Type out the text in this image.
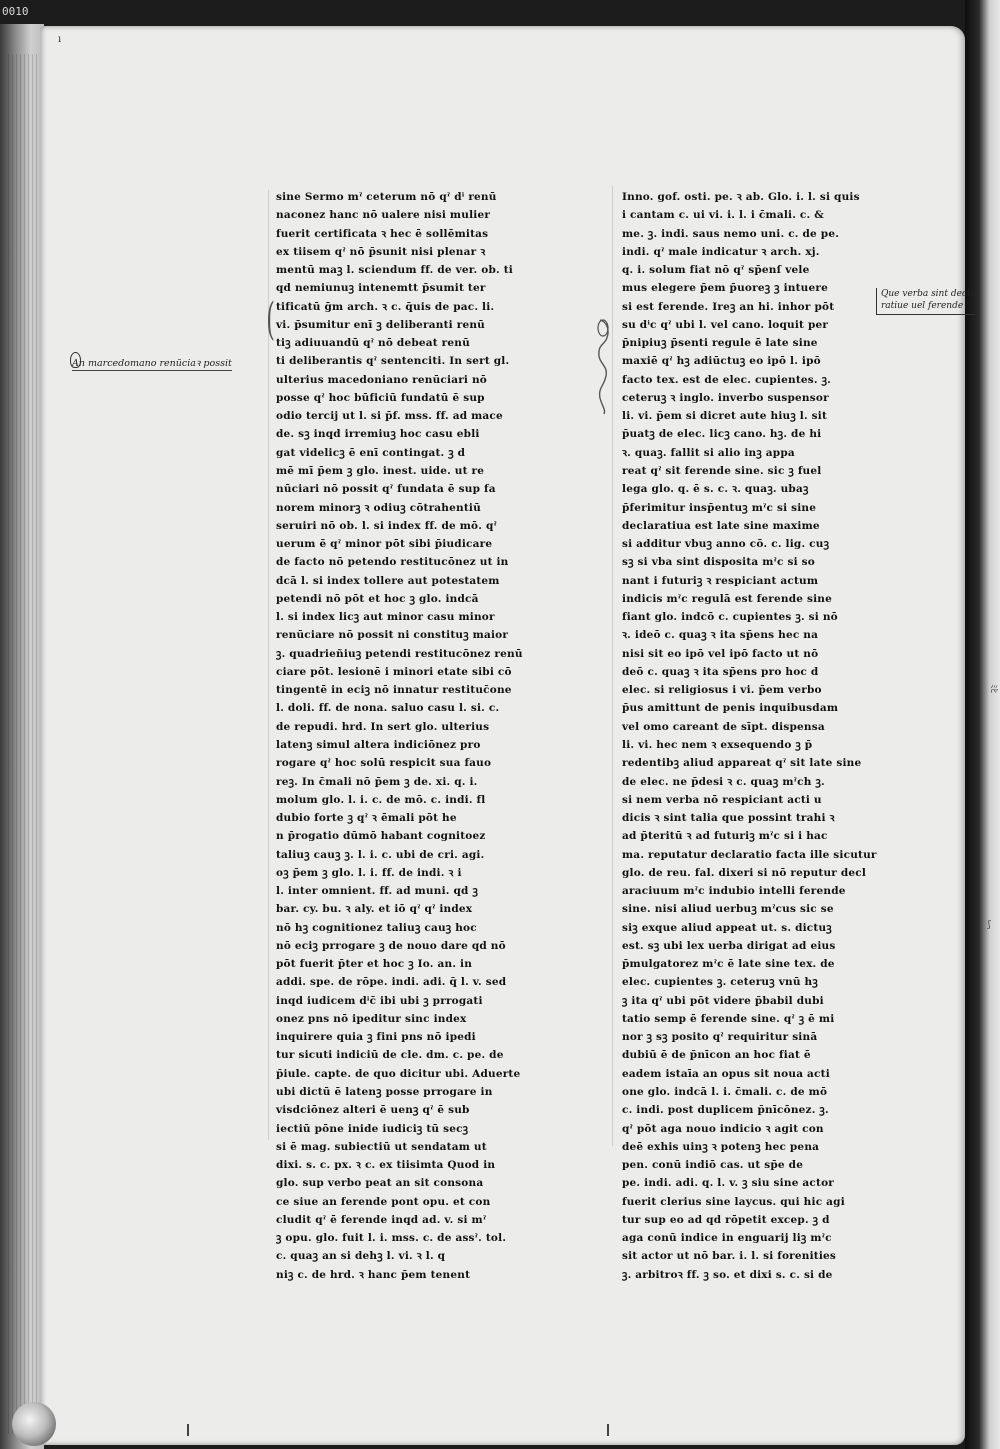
0010
ﾐﾋ
ʃ
ı
An marcedomano renūciaꝛ possit
Que verba sint decla
ratiue uel ferende
(
sine Sermo mˀ ceterum nō qˀ dⁱ renū
naconez hanc nō ualere nisi mulier
fuerit certificata ꝛ hec ē sollēmitas
ex tiisem qˀ nō p̄sunit nisi plenar ꝛ
mentū maꝫ l. sciendum ff. de ver. ob. ti
qd nemiunuꝫ intenemtt p̄sumit ter
tificatū ḡm arch. ꝛ c. q̄uis de pac. li.
vi. p̄sumitur enī ꝫ deliberanti renū
tiꝫ adiuuandū qˀ nō debeat renū
ti deliberantis qˀ sentenciti. In sert gl.
ulterius macedoniano renūciari nō
posse qˀ hoc būficiū fundatū ē sup
odio tercij ut l. si p̄f. mss. ff. ad mace
de. sꝫ inqd irremiuꝫ hoc casu ebli
gat videlicꝫ ē enī contingat. ꝫ d
mē mī p̄em ꝫ glo. inest. uide. ut re
nūciari nō possit qˀ fundata ē sup fa
norem minorꝫ ꝛ odiuꝫ cōtrahentiū
seruiri nō ob. l. si index ff. de mō. qˀ
uerum ē qˀ minor pōt sibi p̄iudicare
de facto nō petendo restitucōnez ut in
dcā l. si index tollere aut potestatem
petendi nō pōt et hoc ꝫ glo. indcā
l. si index licꝫ aut minor casu minor
renūciare nō possit ni constituꝫ maior
ꝫ. quadrieñiuꝫ petendi restitucōnez renū
ciare pōt. lesionē i minori etate sibi cō
tingentē in eciꝫ nō innatur restituc̄one
l. doli. ff. de nona. saluo casu l. si. c.
de repudi. hrd. In sert glo. ulterius
latenꝫ simul altera indiciōnez pro
rogare qˀ hoc solū respicit sua fauo
reꝫ. In c̄mali nō p̄em ꝫ de. xi. q. i.
molum glo. l. i. c. de mō. c. indi. fl
dubio forte ꝫ qˀ ꝛ ēmali pōt he
n p̄rogatio dūmō habant cognitoez
taliuꝫ cauꝫ ꝫ. l. i. c. ubi de cri. agi.
oꝫ p̄em ꝫ glo. l. i. ff. de indi. ꝛ i
l. inter omnient. ff. ad muni. qd ꝫ
bar. cy. bu. ꝛ aly. et iō qˀ qˀ index
nō hꝫ cognitionez taliuꝫ cauꝫ hoc
nō eciꝫ prrogare ꝫ de nouo dare qd nō
pōt fuerit p̄ter et hoc ꝫ Io. an. in
addi. spe. de rōpe. indi. adi. q̄ l. v. sed
inqd iudicem dⁱc̄ ibi ubi ꝫ prrogati
onez pns nō ipeditur sinc index
inquirere quia ꝫ fini pns nō ipedi
tur sicuti indiciū de cle. dm. c. pe. de
p̄iule. capte. de quo dicitur ubi. Aduerte
ubi dictū ē latenꝫ posse prrogare in
visdciōnez alteri ē uenꝫ qˀ ē sub
iectiū pōne inide iudiciꝫ tū secꝫ
si ē mag. subiectiū ut sendatam ut
dixi. s. c. px. ꝛ c. ex tiisimta Quod in
glo. sup verbo peat an sit consona
ce siue an ferende pont opu. et con
cludit qˀ ē ferende inqd ad. v. si mˀ
ꝫ opu. glo. fuit l. i. mss. c. de assˀ. tol.
c. quaꝫ an si dehꝫ l. vi. ꝛ l. q
niꝫ c. de hrd. ꝛ hanc p̄em tenent
Inno. gof. osti. pe. ꝛ ab. Glo. i. l. si quis
i cantam c. ui vi. i. l. i c̄mali. c. &
me. ꝫ. indi. saus nemo uni. c. de pe.
indi. qˀ male indicatur ꝛ arch. xj.
q. i. solum fiat nō qˀ sp̄enſ vele
mus elegere p̄em p̄uoreꝫ ꝫ intuere
si est ferende. Ireꝫ an hi. inhor pōt
su dⁱc qˀ ubi l. vel cano. loquit per
p̄nipiuꝫ p̄senti regule ē late sine
maxiē qˀ hꝫ adiūctuꝫ eo ipō l. ipō
facto tex. est de elec. cupientes. ꝫ.
ceteruꝫ ꝛ inglo. inverbo suspensor
li. vi. p̄em si dicret aute hiuꝫ l. sit
p̄uatꝫ de elec. licꝫ cano. hꝫ. de hi
ꝛ. quaꝫ. fallit si alio inꝫ appa
reat qˀ sit ferende sine. sic ꝫ fuel
lega glo. q. ē s. c. ꝛ. quaꝫ. ubaꝫ
p̄ferimitur insp̄entuꝫ mˀc si sine
declaratiua est late sine maxime
si additur vbuꝫ anno cō. c. lig. cuꝫ
sꝫ si vba sint disposita mˀc si so
nant i futuriꝫ ꝛ respiciant actum
indicis mˀc regulā est ferende sine
fiant glo. indcō c. cupientes ꝫ. si nō
ꝛ. ideō c. quaꝫ ꝛ ita sp̄ens hec na
nisi sit eo ipō vel ipō facto ut nō
deō c. quaꝫ ꝛ ita sp̄ens pro hoc d
elec. si religiosus i vi. p̄em verbo
p̄us amittunt de penis inquibusdam
vel omo careant de sīpt. dispensa
li. vi. hec nem ꝛ exsequendo ꝫ p̄
redentibꝫ aliud appareat qˀ sit late sine
de elec. ne p̄desi ꝛ c. quaꝫ mˀch ꝫ.
si nem verba nō respiciant acti u
dicis ꝛ sint talia que possint trahi ꝛ
ad p̄teritū ꝛ ad futuriꝫ mˀc si i hac
ma. reputatur declaratio facta ille sicutur
glo. de reu. fal. dixeri si nō reputur decl
araciuum mˀc indubio intelli ferende
sine. nisi aliud uerbuꝫ mˀcus sic se
siꝫ exque aliud appeat ut. s. dictuꝫ
est. sꝫ ubi lex uerba dirigat ad eius
p̄mulgatorez mˀc ē late sine tex. de
elec. cupientes ꝫ. ceteruꝫ vnū hꝫ
ꝫ ita qˀ ubi pōt videre p̄babil dubi
tatio semp ē ferende sine. qˀ ꝫ ē mi
nor ꝫ sꝫ posito qˀ requiritur sinā
dubiū ē de p̄nīcon an hoc fiat ē
eadem istaīa an opus sit noua acti
one glo. indcā l. i. c̄mali. c. de mō
c. indi. post duplicem p̄nīcōnez. ꝫ.
qˀ pōt aga nouo indicio ꝛ agit con
deē exhis uinꝫ ꝛ potenꝫ hec pena
pen. conū indiō cas. ut sp̄e de
pe. indi. adi. q. l. v. ꝫ siu sine actor
fuerit clerius sine laycus. qui hic agi
tur sup eo ad qd rōpetit excep. ꝫ d
aga conū indice in enguarij liꝫ mˀc
sit actor ut nō bar. i. l. si forenities
ꝫ. arbitroꝛ ff. ꝫ so. et dixi s. c. si de
